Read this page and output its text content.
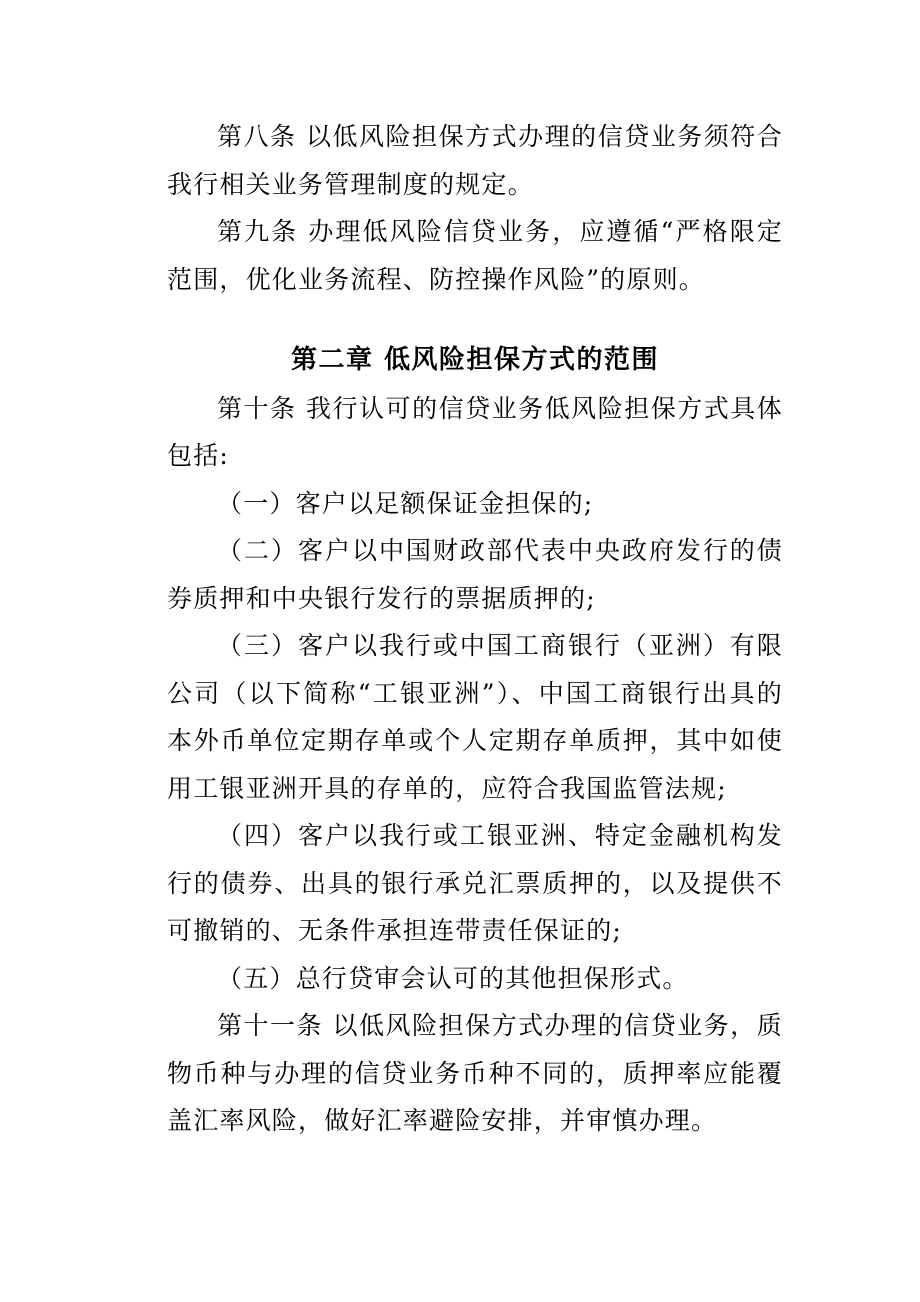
第八条 以低风险担保方式办理的信贷业务须符合我行相关业务管理制度的规定。

第九条 办理低风险信贷业务，应遵循“严格限定范围，优化业务流程、防控操作风险”的原则。

第二章 低风险担保方式的范围

第十条 我行认可的信贷业务低风险担保方式具体包括:

（一）客户以足额保证金担保的;

（二）客户以中国财政部代表中央政府发行的债券质押和中央银行发行的票据质押的;

（三）客户以我行或中国工商银行（亚洲）有限公司（以下简称“工银亚洲”）、中国工商银行出具的本外币单位定期存单或个人定期存单质押，其中如使用工银亚洲开具的存单的，应符合我国监管法规;

（四）客户以我行或工银亚洲、特定金融机构发行的债券、出具的银行承兑汇票质押的，以及提供不可撤销的、无条件承担连带责任保证的;

（五）总行贷审会认可的其他担保形式。

第十一条 以低风险担保方式办理的信贷业务，质物币种与办理的信贷业务币种不同的，质押率应能覆盖汇率风险，做好汇率避险安排，并审慎办理。
